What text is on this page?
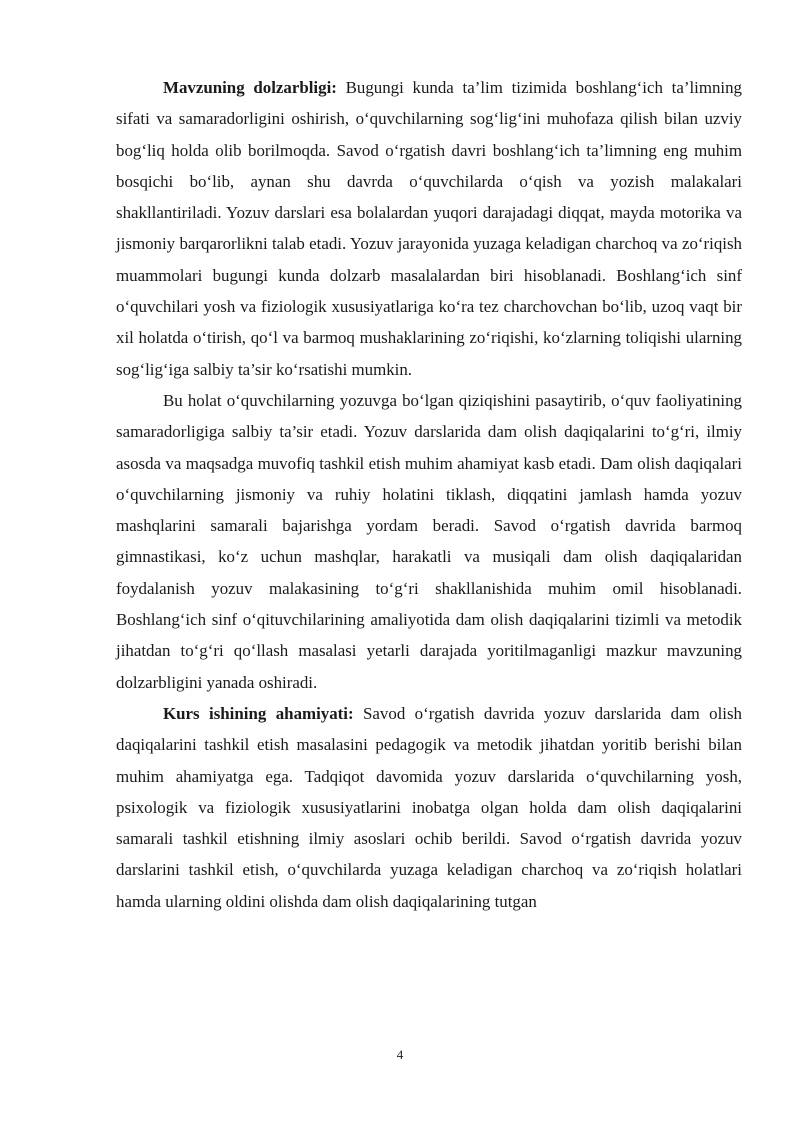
Mavzuning dolzarbligi: Bugungi kunda ta’lim tizimida boshlang‘ich ta’limning sifati va samaradorligini oshirish, o‘quvchilarning sog‘lig‘ini muhofaza qilish bilan uzviy bog‘liq holda olib borilmoqda. Savod o‘rgatish davri boshlang‘ich ta’limning eng muhim bosqichi bo‘lib, aynan shu davrda o‘quvchilarda o‘qish va yozish malakalari shakllantiriladi. Yozuv darslari esa bolalardan yuqori darajadagi diqqat, mayda motorika va jismoniy barqarorlikni talab etadi. Yozuv jarayonida yuzaga keladigan charchoq va zo‘riqish muammolari bugungi kunda dolzarb masalalardan biri hisoblanadi. Boshlang‘ich sinf o‘quvchilari yosh va fiziologik xususiyatlariga ko‘ra tez charchovchan bo‘lib, uzoq vaqt bir xil holatda o‘tirish, qo‘l va barmoq mushaklarining zo‘riqishi, ko‘zlarning toliqishi ularning sog‘lig‘iga salbiy ta’sir ko‘rsatishi mumkin.

Bu holat o‘quvchilarning yozuvga bo‘lgan qiziqishini pasaytirib, o‘quv faoliyatining samaradorligiga salbiy ta’sir etadi. Yozuv darslarida dam olish daqiqalarini to‘g‘ri, ilmiy asosda va maqsadga muvofiq tashkil etish muhim ahamiyat kasb etadi. Dam olish daqiqalari o‘quvchilarning jismoniy va ruhiy holatini tiklash, diqqatini jamlash hamda yozuv mashqlarini samarali bajarishga yordam beradi. Savod o‘rgatish davrida barmoq gimnastikasi, ko‘z uchun mashqlar, harakatli va musiqali dam olish daqiqalaridan foydalanish yozuv malakasining to‘g‘ri shakllanishida muhim omil hisoblanadi. Boshlang‘ich sinf o‘qituvchilarining amaliyotida dam olish daqiqalarini tizimli va metodik jihatdan to‘g‘ri qo‘llash masalasi yetarli darajada yoritilmaganligi mazkur mavzuning dolzarbligini yanada oshiradi.

Kurs ishining ahamiyati: Savod o‘rgatish davrida yozuv darslarida dam olish daqiqalarini tashkil etish masalasini pedagogik va metodik jihatdan yoritib berishi bilan muhim ahamiyatga ega. Tadqiqot davomida yozuv darslarida o‘quvchilarning yosh, psixologik va fiziologik xususiyatlarini inobatga olgan holda dam olish daqiqalarini samarali tashkil etishning ilmiy asoslari ochib berildi. Savod o‘rgatish davrida yozuv darslarini tashkil etish, o‘quvchilarda yuzaga keladigan charchoq va zo‘riqish holatlari hamda ularning oldini olishda dam olish daqiqalarining tutgan

4
